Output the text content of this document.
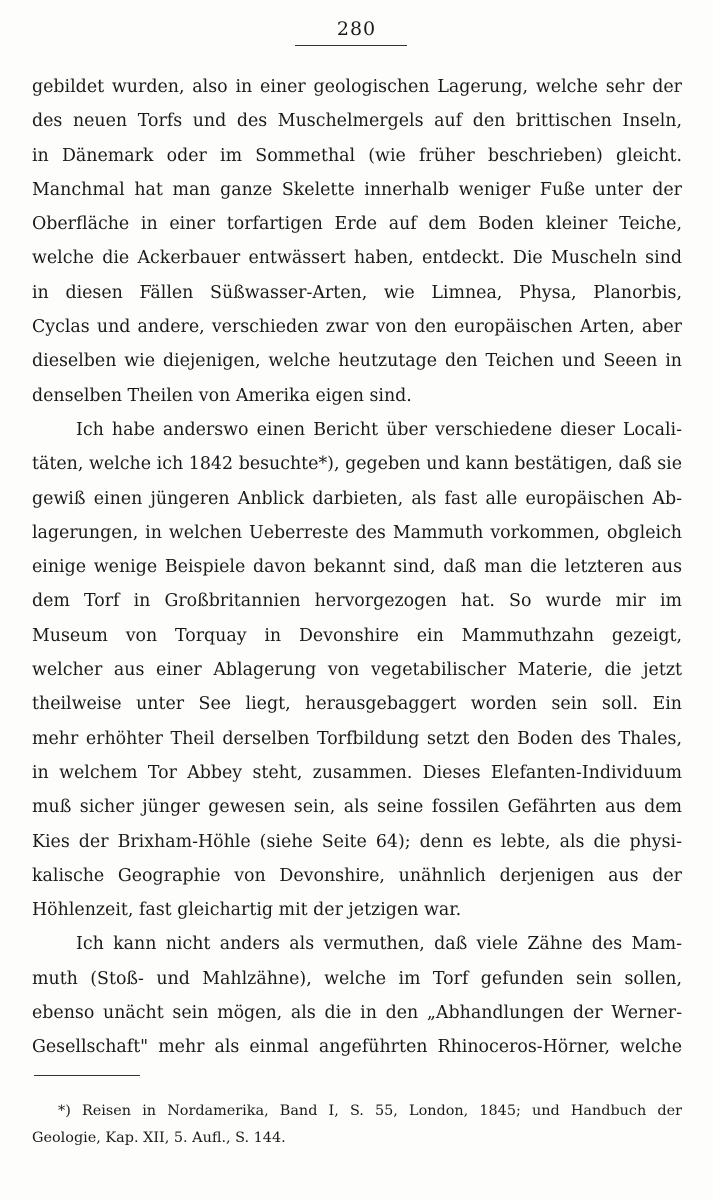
280
gebildet wurden, also in einer geologischen Lagerung, welche sehr der
des neuen Torfs und des Muschelmergels auf den brittischen Inseln,
in Dänemark oder im Sommethal (wie früher beschrieben) gleicht.
Manchmal hat man ganze Skelette innerhalb weniger Fuße unter der
Oberfläche in einer torfartigen Erde auf dem Boden kleiner Teiche,
welche die Ackerbauer entwässert haben, entdeckt. Die Muscheln sind
in diesen Fällen Süßwasser-Arten, wie Limnea, Physa, Planorbis,
Cyclas und andere, verschieden zwar von den europäischen Arten, aber
dieselben wie diejenigen, welche heutzutage den Teichen und Seeen in
denselben Theilen von Amerika eigen sind.
Ich habe anderswo einen Bericht über verschiedene dieser Locali-
täten, welche ich 1842 besuchte*), gegeben und kann bestätigen, daß sie
gewiß einen jüngeren Anblick darbieten, als fast alle europäischen Ab-
lagerungen, in welchen Ueberreste des Mammuth vorkommen, obgleich
einige wenige Beispiele davon bekannt sind, daß man die letzteren aus
dem Torf in Großbritannien hervorgezogen hat. So wurde mir im
Museum von Torquay in Devonshire ein Mammuthzahn gezeigt,
welcher aus einer Ablagerung von vegetabilischer Materie, die jetzt
theilweise unter See liegt, herausgebaggert worden sein soll. Ein
mehr erhöhter Theil derselben Torfbildung setzt den Boden des Thales,
in welchem Tor Abbey steht, zusammen. Dieses Elefanten-Individuum
muß sicher jünger gewesen sein, als seine fossilen Gefährten aus dem
Kies der Brixham-Höhle (siehe Seite 64); denn es lebte, als die physi-
kalische Geographie von Devonshire, unähnlich derjenigen aus der
Höhlenzeit, fast gleichartig mit der jetzigen war.
Ich kann nicht anders als vermuthen, daß viele Zähne des Mam-
muth (Stoß- und Mahlzähne), welche im Torf gefunden sein sollen,
ebenso unächt sein mögen, als die in den „Abhandlungen der Werner-
Gesellschaft" mehr als einmal angeführten Rhinoceros-Hörner, welche
*) Reisen in Nordamerika, Band I, S. 55, London, 1845; und Handbuch der
Geologie, Kap. XII, 5. Aufl., S. 144.
